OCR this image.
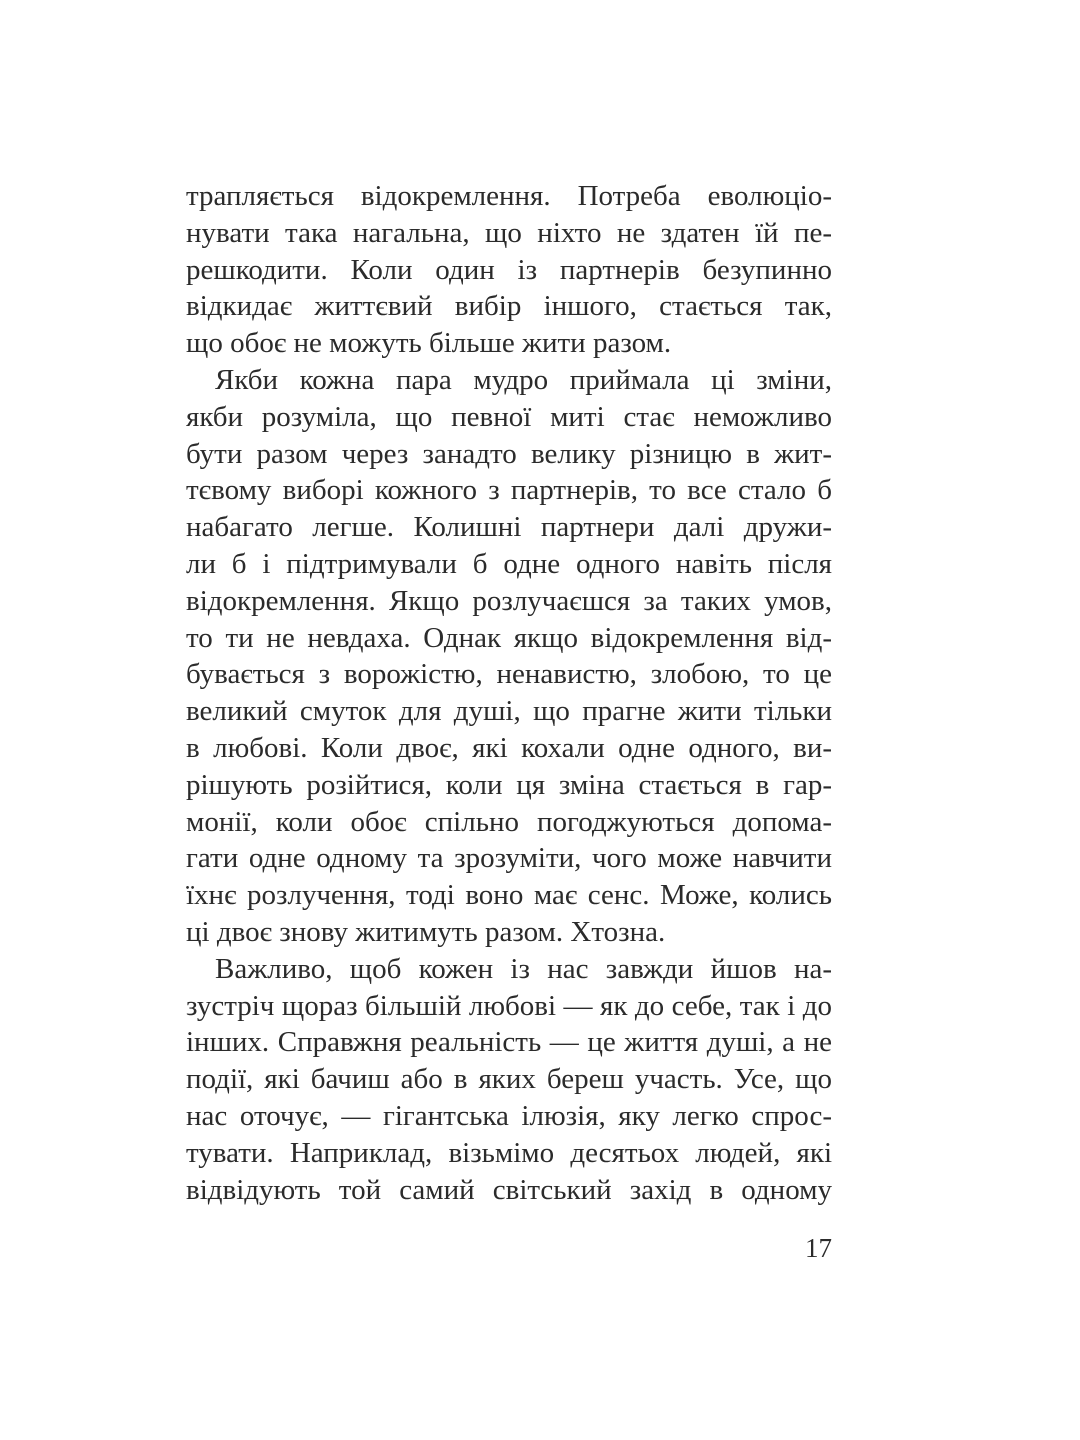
трапляється відокремлення. Потреба еволюціо-
нувати така нагальна, що ніхто не здатен їй пе-
решкодити. Коли один із партнерів безупинно
відкидає життєвий вибір іншого, стається так,
що обоє не можуть більше жити разом.
Якби кожна пара мудро приймала ці зміни,
якби розуміла, що певної миті стає неможливо
бути разом через занадто велику різницю в жит-
тєвому виборі кожного з партнерів, то все стало б
набагато легше. Колишні партнери далі дружи-
ли б і підтримували б одне одного навіть після
відокремлення. Якщо розлучаєшся за таких умов,
то ти не невдаха. Однак якщо відокремлення від-
бувається з ворожістю, ненавистю, злобою, то це
великий смуток для душі, що прагне жити тільки
в любові. Коли двоє, які кохали одне одного, ви-
рішують розійтися, коли ця зміна стається в гар-
монії, коли обоє спільно погоджуються допома-
гати одне одному та зрозуміти, чого може навчити
їхнє розлучення, тоді воно має сенс. Може, колись
ці двоє знову житимуть разом. Хтозна.
Важливо, щоб кожен із нас завжди йшов на-
зустріч щораз більшій любові — як до себе, так і до
інших. Справжня реальність — це життя душі, а не
події, які бачиш або в яких береш участь. Усе, що
нас оточує, — гігантська ілюзія, яку легко спрос-
тувати. Наприклад, візьмімо десятьох людей, які
відвідують той самий світський захід в одному
17
